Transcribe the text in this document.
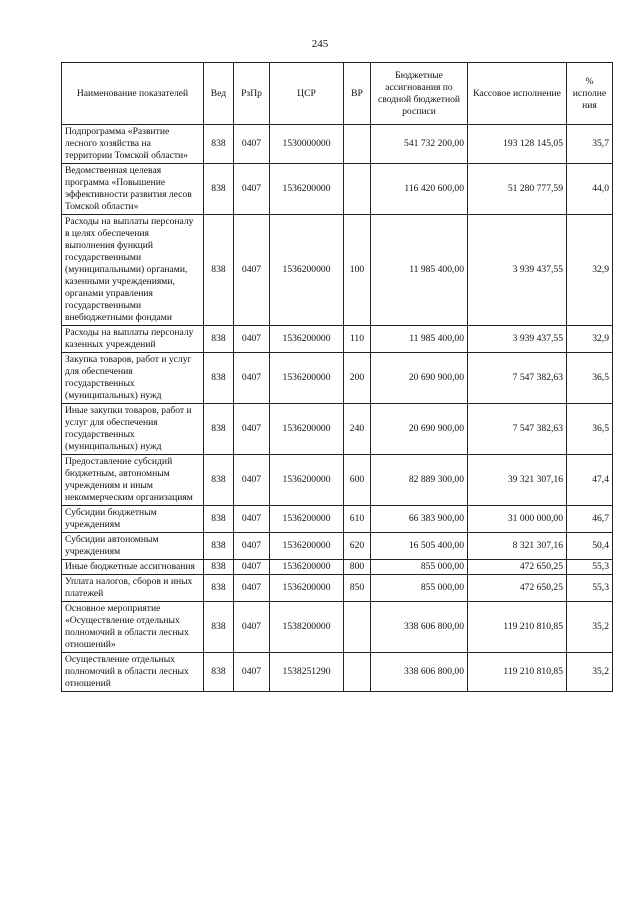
245
Наименование показателей	Вед	РзПр	ЦСР	ВР	Бюджетные ассигнования по сводной бюджетной росписи	Кассовое исполнение	% исполне ния
Подпрограмма «Развитие лесного хозяйства на территории Томской области»	838	0407	1530000000		541 732 200,00	193 128 145,05	35,7
Ведомственная целевая программа «Повышение эффективности развития лесов Томской области»	838	0407	1536200000		116 420 600,00	51 280 777,59	44,0
Расходы на выплаты персоналу в целях обеспечения выполнения функций государственными (муниципальными) органами, казенными учреждениями, органами управления государственными внебюджетными фондами	838	0407	1536200000	100	11 985 400,00	3 939 437,55	32,9
Расходы на выплаты персоналу казенных учреждений	838	0407	1536200000	110	11 985 400,00	3 939 437,55	32,9
Закупка товаров, работ и услуг для обеспечения государственных (муниципальных) нужд	838	0407	1536200000	200	20 690 900,00	7 547 382,63	36,5
Иные закупки товаров, работ и услуг для обеспечения государственных (муниципальных) нужд	838	0407	1536200000	240	20 690 900,00	7 547 382,63	36,5
Предоставление субсидий бюджетным, автономным учреждениям и иным некоммерческим организациям	838	0407	1536200000	600	82 889 300,00	39 321 307,16	47,4
Субсидии бюджетным учреждениям	838	0407	1536200000	610	66 383 900,00	31 000 000,00	46,7
Субсидии автономным учреждениям	838	0407	1536200000	620	16 505 400,00	8 321 307,16	50,4
Иные бюджетные ассигнования	838	0407	1536200000	800	855 000,00	472 650,25	55,3
Уплата налогов, сборов и иных платежей	838	0407	1536200000	850	855 000,00	472 650,25	55,3
Основное мероприятие «Осуществление отдельных полномочий в области лесных отношений»	838	0407	1538200000		338 606 800,00	119 210 810,85	35,2
Осуществление отдельных полномочий в области лесных отношений	838	0407	1538251290		338 606 800,00	119 210 810,85	35,2
